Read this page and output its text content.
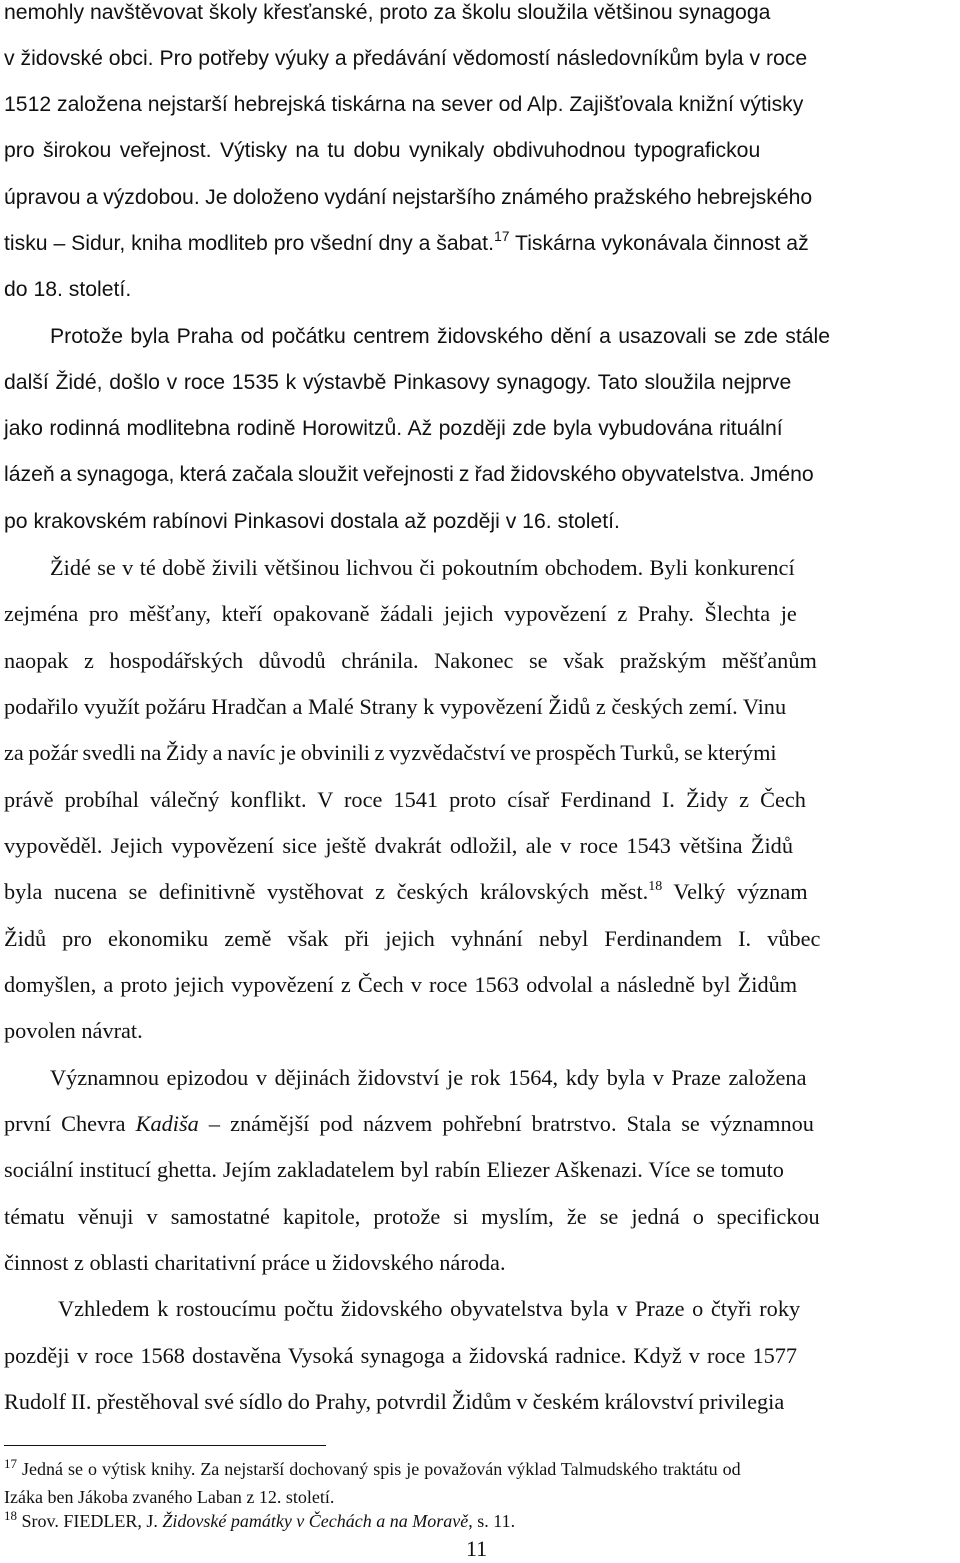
nemohly navštěvovat školy křesťanské, proto za školu sloužila většinou synagoga
v židovské obci. Pro potřeby výuky a předávání vědomostí následovníkům byla v roce
1512 založena nejstarší hebrejská tiskárna na sever od Alp. Zajišťovala knižní výtisky
pro širokou veřejnost. Výtisky na tu dobu vynikaly obdivuhodnou typografickou
úpravou a výzdobou. Je doloženo vydání nejstaršího známého pražského hebrejského
tisku – Sidur, kniha modliteb pro všední dny a šabat.$^{17}$ Tiskárna vykonávala činnost až
do 18. století.
Protože byla Praha od počátku centrem židovského dění a usazovali se zde stále
další Židé, došlo v roce 1535 k výstavbě Pinkasovy synagogy. Tato sloužila nejprve
jako rodinná modlitebna rodině Horowitzů. Až později zde byla vybudována rituální
lázeň a synagoga, která začala sloužit veřejnosti z řad židovského obyvatelstva. Jméno
po krakovském rabínovi Pinkasovi dostala až později v 16. století.
Židé se v té době živili většinou lichvou či pokoutním obchodem. Byli konkurencí
zejména pro měšťany, kteří opakovaně žádali jejich vypovězení z Prahy. Šlechta je
naopak z hospodářských důvodů chránila. Nakonec se však pražským měšťanům
podařilo využít požáru Hradčan a Malé Strany k vypovězení Židů z českých zemí. Vinu
za požár svedli na Židy a navíc je obvinili z vyzvědačství ve prospěch Turků, se kterými
právě probíhal válečný konflikt. V roce 1541 proto císař Ferdinand I. Židy z Čech
vypověděl. Jejich vypovězení sice ještě dvakrát odložil, ale v roce 1543 většina Židů
byla nucena se definitivně vystěhovat z českých královských měst.$^{18}$ Velký význam
Židů pro ekonomiku země však při jejich vyhnání nebyl Ferdinandem I. vůbec
domyšlen, a proto jejich vypovězení z Čech v roce 1563 odvolal a následně byl Židům
povolen návrat.
Významnou epizodou v dějinách židovství je rok 1564, kdy byla v Praze založena
první Chevra Kadiša – známější pod názvem pohřební bratrstvo. Stala se významnou
sociální institucí ghetta. Jejím zakladatelem byl rabín Eliezer Aškenazi. Více se tomuto
tématu věnuji v samostatné kapitole, protože si myslím, že se jedná o specifickou
činnost z oblasti charitativní práce u židovského národa.
Vzhledem k rostoucímu počtu židovského obyvatelstva byla v Praze o čtyři roky
později v roce 1568 dostavěna Vysoká synagoga a židovská radnice. Když v roce 1577
Rudolf II. přestěhoval své sídlo do Prahy, potvrdil Židům v českém království privilegia
$^{17}$ Jedná se o výtisk knihy. Za nejstarší dochovaný spis je považován výklad Talmudského traktátu od
Izáka ben Jákoba zvaného Laban z 12. století.
$^{18}$ Srov. FIEDLER, J. Židovské památky v Čechách a na Moravě, s. 11.
11
